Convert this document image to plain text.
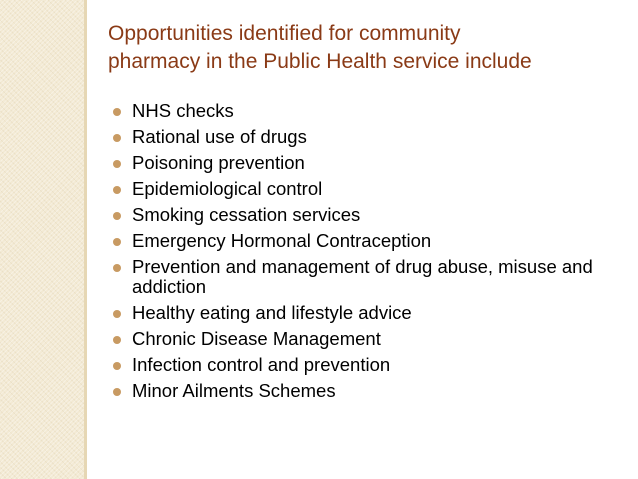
Opportunities identified for community
pharmacy in the Public Health service include
NHS checks
Rational use of drugs
Poisoning prevention
Epidemiological control
Smoking cessation services
Emergency Hormonal Contraception
Prevention and management of drug abuse, misuse and addiction
Healthy eating and lifestyle advice
Chronic Disease Management
Infection control and prevention
Minor Ailments Schemes
